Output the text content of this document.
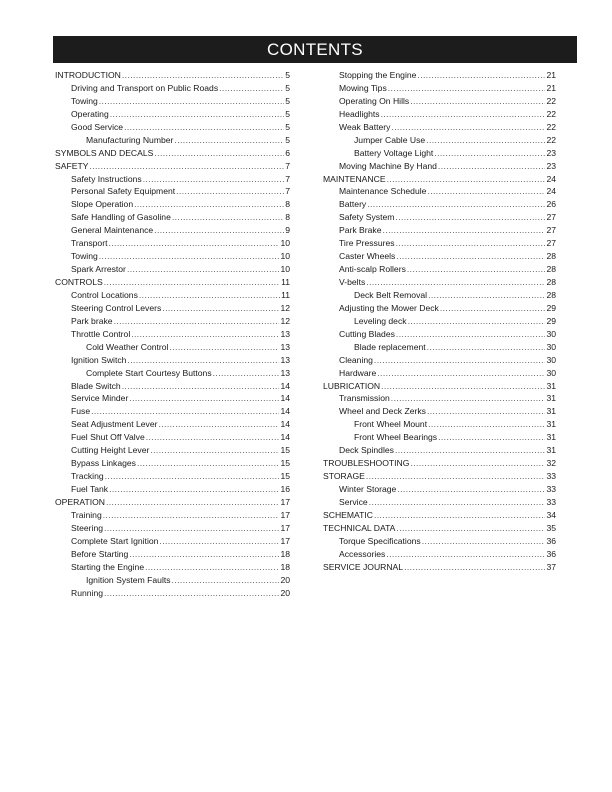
CONTENTS
INTRODUCTION .....	5
Driving and Transport on Public Roads .....	5
Towing .....	5
Operating .....	5
Good Service .....	5
Manufacturing Number .....	5
SYMBOLS AND DECALS .....	6
SAFETY .....	7
Safety Instructions .....	7
Personal Safety Equipment .....	7
Slope Operation .....	8
Safe Handling of Gasoline .....	8
General Maintenance .....	9
Transport .....	10
Towing .....	10
Spark Arrestor .....	10
CONTROLS .....	11
Control Locations .....	11
Steering Control Levers .....	12
Park brake .....	12
Throttle Control .....	13
Cold Weather Control .....	13
Ignition Switch .....	13
Complete Start Courtesy Buttons .....	13
Blade Switch .....	14
Service Minder .....	14
Fuse .....	14
Seat Adjustment Lever .....	14
Fuel Shut Off Valve .....	14
Cutting Height Lever .....	15
Bypass Linkages .....	15
Tracking .....	15
Fuel Tank .....	16
OPERATION .....	17
Training .....	17
Steering .....	17
Complete Start Ignition .....	17
Before Starting .....	18
Starting the Engine .....	18
Ignition System Faults .....	20
Running .....	20
Stopping the Engine .....	21
Mowing Tips .....	21
Operating On Hills .....	22
Headlights .....	22
Weak Battery .....	22
Jumper Cable Use .....	22
Battery Voltage Light .....	23
Moving Machine By Hand .....	23
MAINTENANCE .....	24
Maintenance Schedule .....	24
Battery .....	26
Safety System .....	27
Park Brake .....	27
Tire Pressures .....	27
Caster Wheels .....	28
Anti-scalp Rollers .....	28
V-belts .....	28
Deck Belt Removal .....	28
Adjusting the Mower Deck .....	29
Leveling deck .....	29
Cutting Blades .....	30
Blade replacement .....	30
Cleaning .....	30
Hardware .....	30
LUBRICATION .....	31
Transmission .....	31
Wheel and Deck Zerks .....	31
Front Wheel Mount .....	31
Front Wheel Bearings .....	31
Deck Spindles .....	31
TROUBLESHOOTING .....	32
STORAGE .....	33
Winter Storage .....	33
Service .....	33
SCHEMATIC .....	34
TECHNICAL DATA .....	35
Torque Specifications .....	36
Accessories .....	36
SERVICE JOURNAL .....	37
